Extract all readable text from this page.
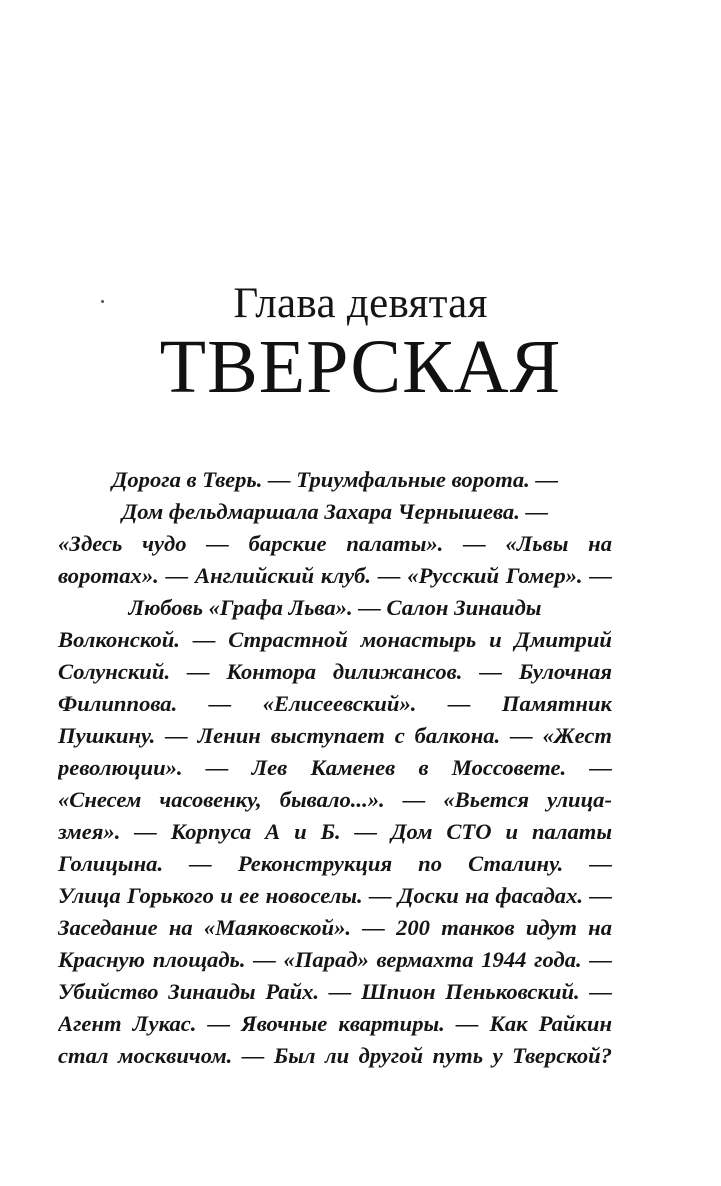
Глава девятая
ТВЕРСКАЯ
Дорога в Тверь. — Триумфальные ворота. —
Дом фельдмаршала Захара Чернышева. —
«Здесь чудо — барские палаты». — «Львы на
воротах». — Английский клуб. — «Русский Гомер». —
Любовь «Графа Льва». — Салон Зинаиды
Волконской. — Страстной монастырь и Дмитрий
Солунский. — Контора дилижансов. — Булочная
Филиппова. — «Елисеевский». — Памятник
Пушкину. — Ленин выступает с балкона. — «Жест
революции». — Лев Каменев в Моссовете. —
«Снесем часовенку, бывало...». — «Вьется улица-
змея». — Корпуса А и Б. — Дом СТО и палаты
Голицына. — Реконструкция по Сталину. —
Улица Горького и ее новоселы. — Доски на фасадах. —
Заседание на «Маяковской». — 200 танков идут на
Красную площадь. — «Парад» вермахта 1944 года. —
Убийство Зинаиды Райх. — Шпион Пеньковский. —
Агент Лукас. — Явочные квартиры. — Как Райкин
стал москвичом. — Был ли другой путь у Тверской?
